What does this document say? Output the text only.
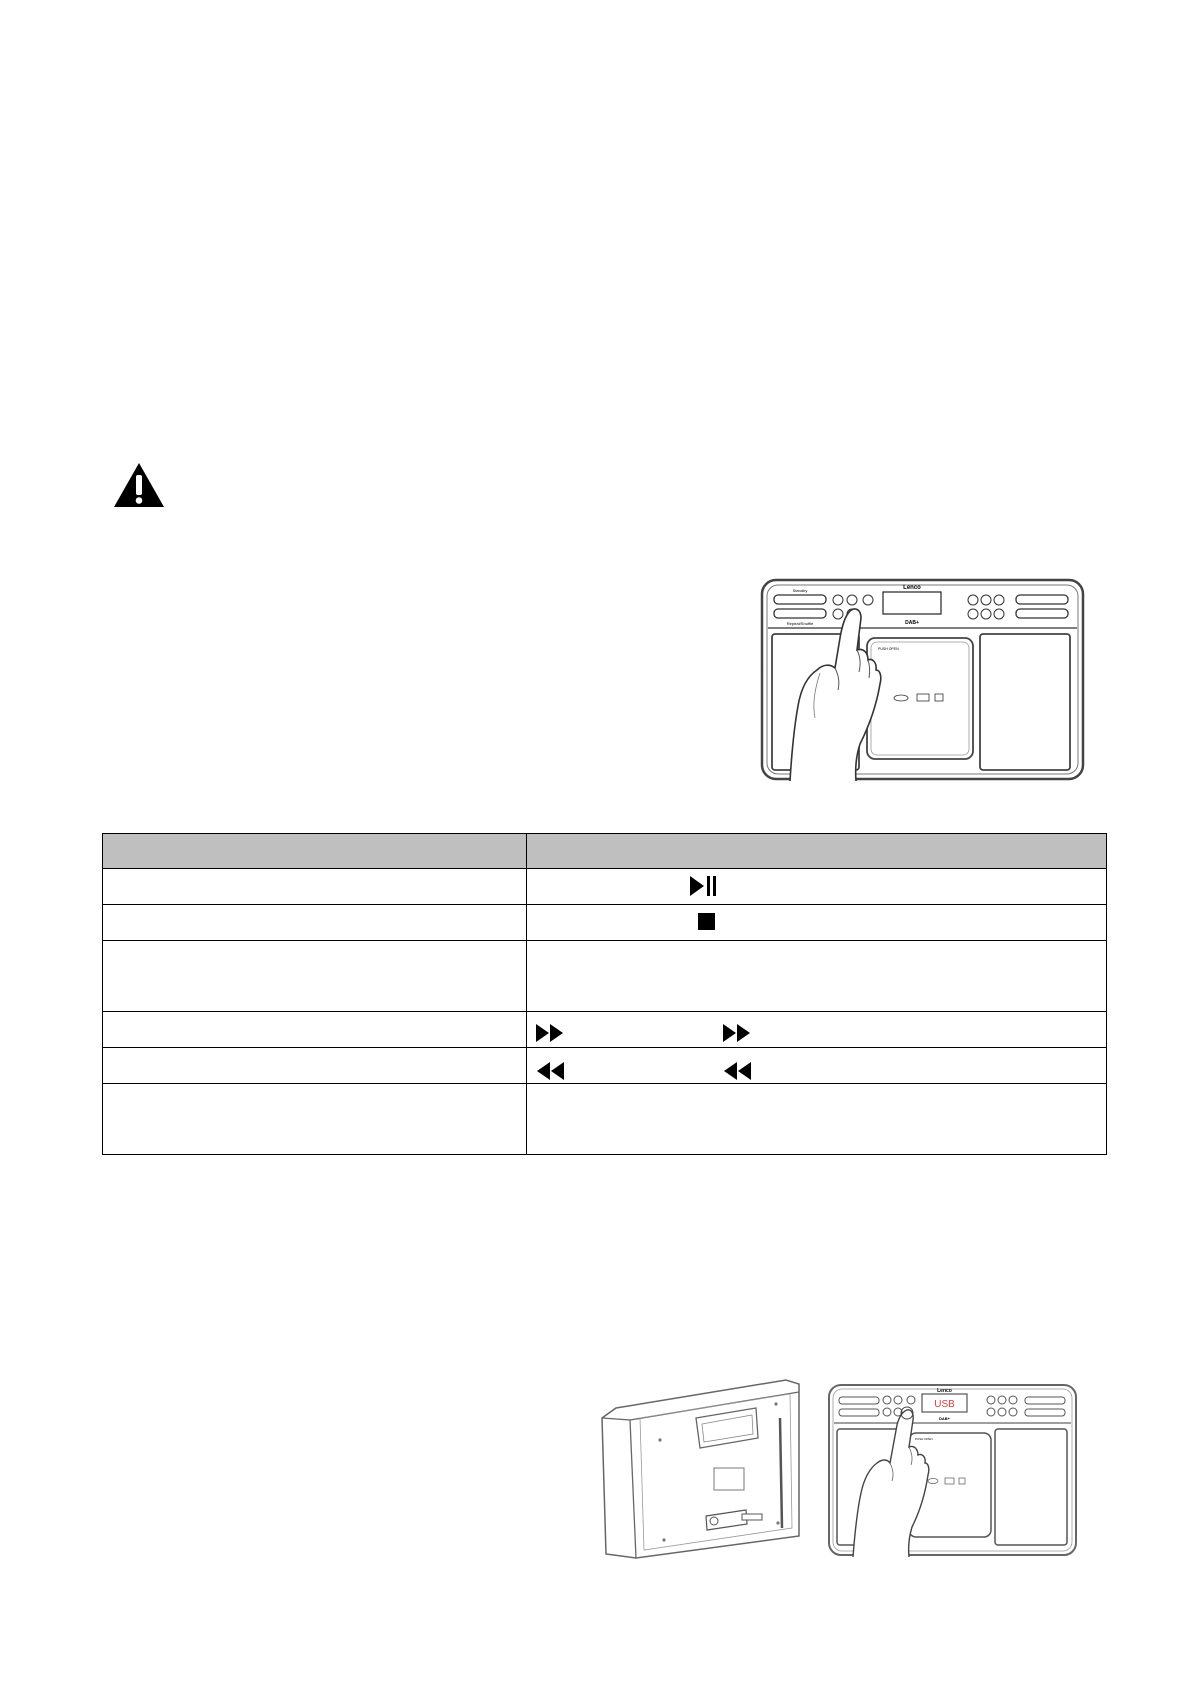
Standby
Repeat/Shuffle
Lenco
DAB+
PUSH OPEN

Lenco
USB
DAB+
PUSH OPEN
